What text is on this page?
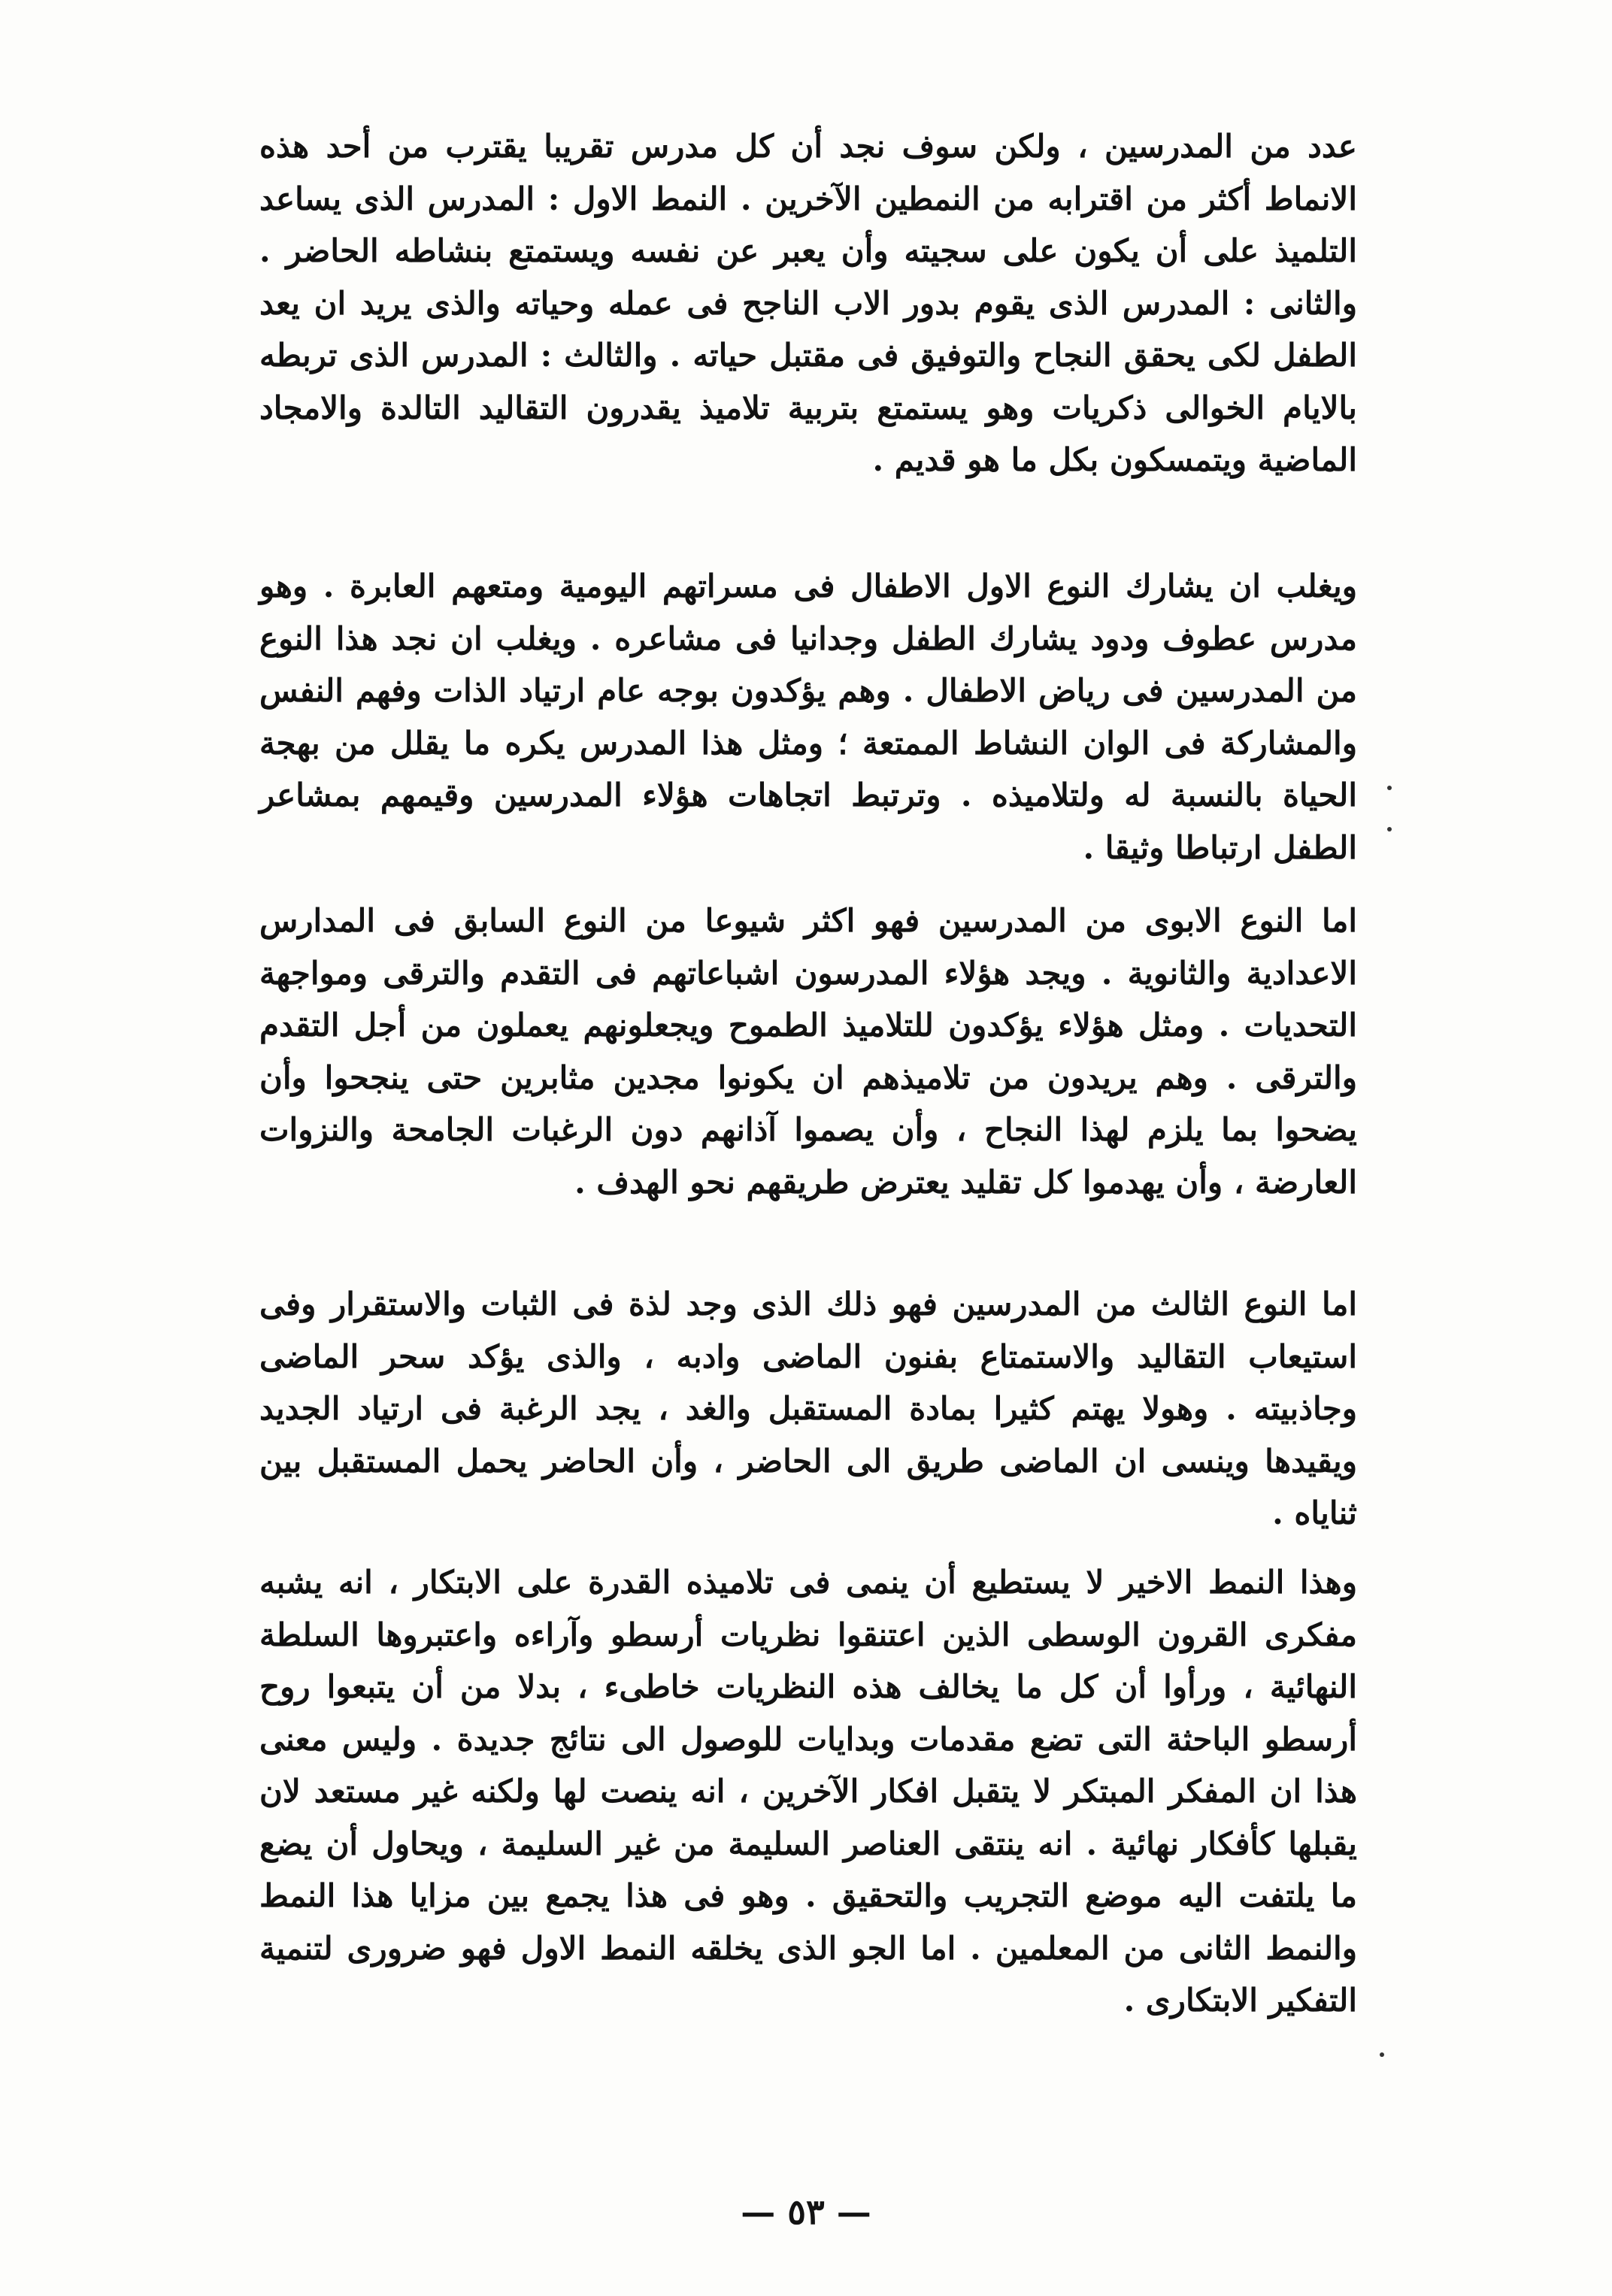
عدد من المدرسين ، ولكن سوف نجد أن كل مدرس تقريبا يقترب من أحد هذه الانماط أكثر من اقترابه من النمطين الآخرين . النمط الاول : المدرس الذى يساعد التلميذ على أن يكون على سجيته وأن يعبر عن نفسه ويستمتع بنشاطه الحاضر . والثانى : المدرس الذى يقوم بدور الاب الناجح فى عمله وحياته والذى يريد ان يعد الطفل لكى يحقق النجاح والتوفيق فى مقتبل حياته . والثالث : المدرس الذى تربطه بالايام الخوالى ذكريات وهو يستمتع بتربية تلاميذ يقدرون التقاليد التالدة والامجاد الماضية ويتمسكون بكل ما هو قديم .

ويغلب ان يشارك النوع الاول الاطفال فى مسراتهم اليومية ومتعهم العابرة . وهو مدرس عطوف ودود يشارك الطفل وجدانيا فى مشاعره . ويغلب ان نجد هذا النوع من المدرسين فى رياض الاطفال . وهم يؤكدون بوجه عام ارتياد الذات وفهم النفس والمشاركة فى الوان النشاط الممتعة ؛ ومثل هذا المدرس يكره ما يقلل من بهجة الحياة بالنسبة له ولتلاميذه . وترتبط اتجاهات هؤلاء المدرسين وقيمهم بمشاعر الطفل ارتباطا وثيقا .

اما النوع الابوى من المدرسين فهو اكثر شيوعا من النوع السابق فى المدارس الاعدادية والثانوية . ويجد هؤلاء المدرسون اشباعاتهم فى التقدم والترقى ومواجهة التحديات . ومثل هؤلاء يؤكدون للتلاميذ الطموح ويجعلونهم يعملون من أجل التقدم والترقى . وهم يريدون من تلاميذهم ان يكونوا مجدين مثابرين حتى ينجحوا وأن يضحوا بما يلزم لهذا النجاح ، وأن يصموا آذانهم دون الرغبات الجامحة والنزوات العارضة ، وأن يهدموا كل تقليد يعترض طريقهم نحو الهدف .

اما النوع الثالث من المدرسين فهو ذلك الذى وجد لذة فى الثبات والاستقرار وفى استيعاب التقاليد والاستمتاع بفنون الماضى وادبه ، والذى يؤكد سحر الماضى وجاذبيته . وهولا يهتم كثيرا بمادة المستقبل والغد ، يجد الرغبة فى ارتياد الجديد ويقيدها وينسى ان الماضى طريق الى الحاضر ، وأن الحاضر يحمل المستقبل بين ثناياه .

وهذا النمط الاخير لا يستطيع أن ينمى فى تلاميذه القدرة على الابتكار ، انه يشبه مفكرى القرون الوسطى الذين اعتنقوا نظريات أرسطو وآراءه واعتبروها السلطة النهائية ، ورأوا أن كل ما يخالف هذه النظريات خاطىء ، بدلا من أن يتبعوا روح أرسطو الباحثة التى تضع مقدمات وبدايات للوصول الى نتائج جديدة . وليس معنى هذا ان المفكر المبتكر لا يتقبل افكار الآخرين ، انه ينصت لها ولكنه غير مستعد لان يقبلها كأفكار نهائية . انه ينتقى العناصر السليمة من غير السليمة ، ويحاول أن يضع ما يلتفت اليه موضع التجريب والتحقيق . وهو فى هذا يجمع بين مزايا هذا النمط والنمط الثانى من المعلمين . اما الجو الذى يخلقه النمط الاول فهو ضرورى لتنمية التفكير الابتكارى .

— ٥٣ —
